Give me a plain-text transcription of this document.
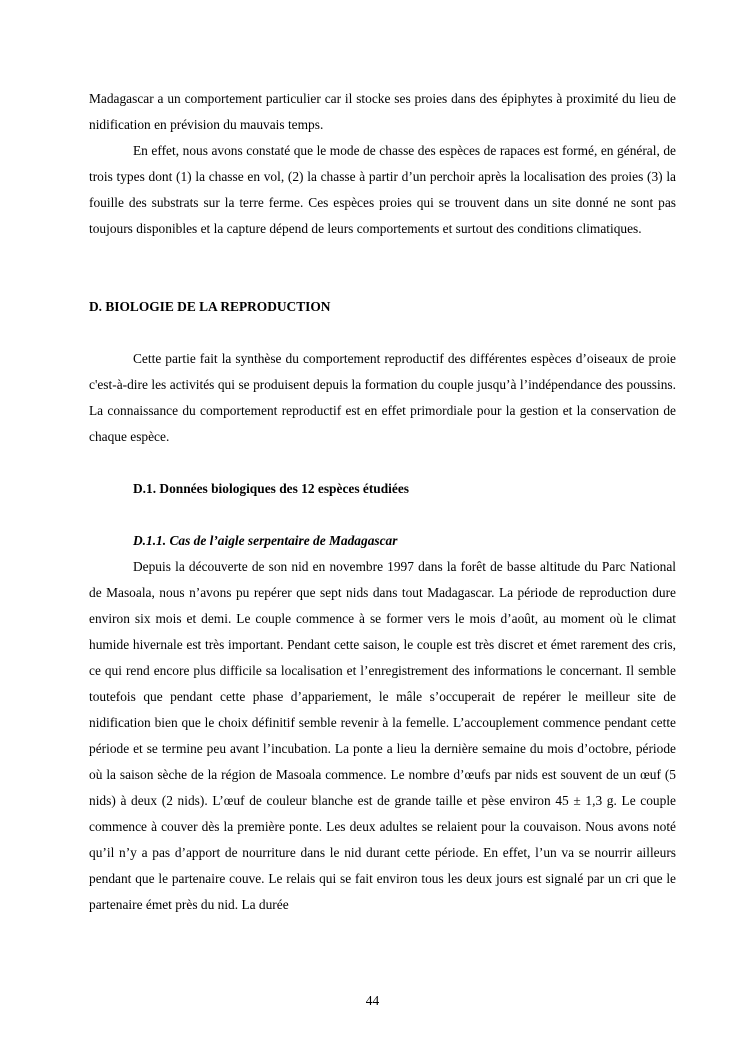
Madagascar a un comportement particulier car il stocke ses proies dans des épiphytes à proximité du lieu de nidification en prévision du mauvais temps.

En effet, nous avons constaté que le mode de chasse des espèces de rapaces est formé, en général, de trois types dont (1) la chasse en vol, (2) la chasse à partir d’un perchoir après la localisation des proies (3) la fouille des substrats sur la terre ferme. Ces espèces proies qui se trouvent dans un site donné ne sont pas toujours disponibles et la capture dépend de leurs comportements et surtout des conditions climatiques.

D. BIOLOGIE DE LA REPRODUCTION

Cette partie fait la synthèse du comportement reproductif des différentes espèces d’oiseaux de proie c'est-à-dire les activités qui se produisent depuis la formation du couple jusqu’à l’indépendance des poussins. La connaissance du comportement reproductif est en effet primordiale pour la gestion et la conservation de chaque espèce.

D.1. Données biologiques des 12 espèces étudiées
D.1.1. Cas de l’aigle serpentaire de Madagascar

Depuis la découverte de son nid en novembre 1997 dans la forêt de basse altitude du Parc National de Masoala, nous n’avons pu repérer que sept nids dans tout Madagascar. La période de reproduction dure environ six mois et demi. Le couple commence à se former vers le mois d’août, au moment où le climat humide hivernale est très important. Pendant cette saison, le couple est très discret et émet rarement des cris, ce qui rend encore plus difficile sa localisation et l’enregistrement des informations le concernant. Il semble toutefois que pendant cette phase d’appariement, le mâle s’occuperait de repérer le meilleur site de nidification bien que le choix définitif semble revenir à la femelle. L’accouplement commence pendant cette période et se termine peu avant l’incubation. La ponte a lieu la dernière semaine du mois d’octobre, période où la saison sèche de la région de Masoala commence. Le nombre d’œufs par nids est souvent de un œuf (5 nids) à deux (2 nids). L’œuf de couleur blanche est de grande taille et pèse environ 45 ± 1,3 g. Le couple commence à couver dès la première ponte. Les deux adultes se relaient pour la couvaison. Nous avons noté qu’il n’y a pas d’apport de nourriture dans le nid durant cette période. En effet, l’un va se nourrir ailleurs pendant que le partenaire couve. Le relais qui se fait environ tous les deux jours est signalé par un cri que le partenaire émet près du nid. La durée

44
